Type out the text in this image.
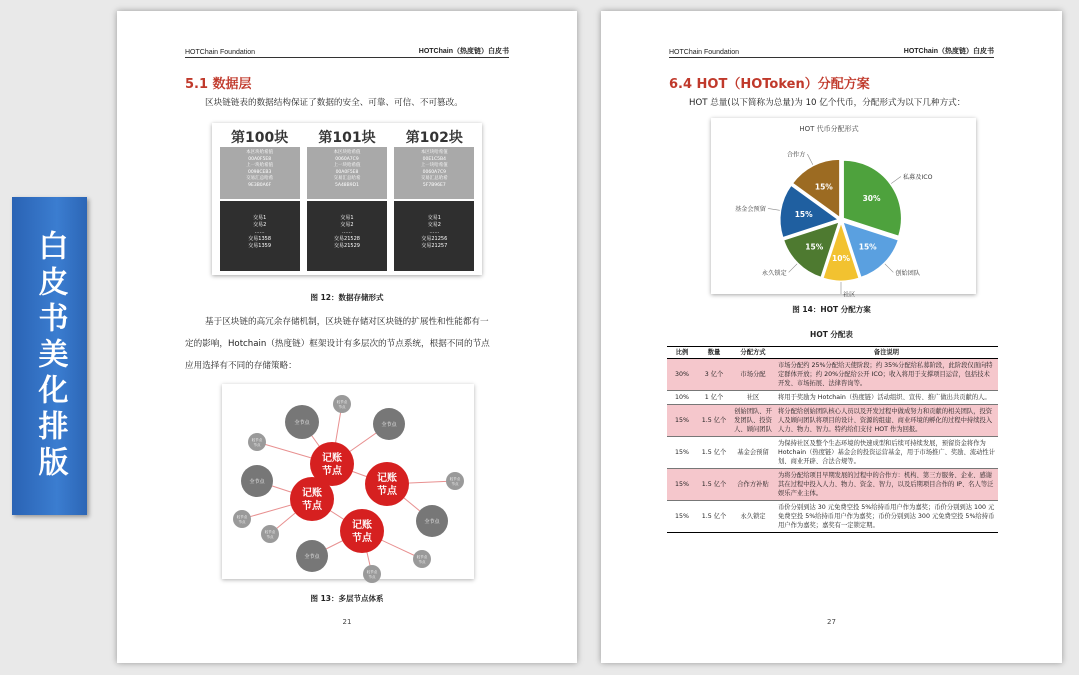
白皮书美化排版
HOTChain Foundation	HOTChain（热度链）白皮书
5.1 数据层
区块链链表的数据结构保证了数据的安全、可靠、可信、不可篡改。
第100块
本区块哈希值
00A0F5E8
上一块哈希值
0098CEB3
交易汇总哈希
9E3B0A6F
交易1
交易2
……
交易1358
交易1359
第101块
本区块哈希值
0060A7C9
上一块哈希值
00A0F5E8
交易汇总哈希
5A48B9D1
交易1
交易2
……
交易21528
交易21529
第102块
本区块哈希值
00E1C5B4
上一块哈希值
0060A7C9
交易汇总哈希
5F7B96E7
交易1
交易2
……
交易21256
交易21257
图 12：数据存储形式
基于区块链的高冗余存储机制，区块链存储对区块链的扩展性和性能都有一
定的影响，Hotchain（热度链）框架设计有多层次的节点系统，根据不同的节点
应用选择有不同的存储策略：
记账
节点
记账
节点
记账
节点
记账
节点
全节点	全节点
全节点
全节点
全节点
轻节点
节点
轻节点
节点
轻节点
节点
轻节点
节点
轻节点
节点
轻节点
节点
轻节点
节点
图 13：多层节点体系
21
HOTChain Foundation	HOTChain（热度链）白皮书
6.4 HOT（HOToken）分配方案
HOT 总量(以下简称为总量)为 10 亿个代币，分配形式为以下几种方式：
HOT 代币分配形式
30%
私募及ICO
15%
创始团队
10%
社区
15%
永久锁定
15%
基金会预留
15%
合作方
图 14：HOT 分配方案
HOT 分配表
比例	数量	分配方式	备注说明
30%	3 亿个	市场分配	市场分配约 25%分配给天使阶段；约 35%分配给私募阶段，此阶段仅面向特定群体开放；约 20%分配给公开 ICO；收入将用于支撑项目运营，包括技术开发、市场拓展、法律咨询等。
10%	1 亿个	社区	将用于奖励为 Hotchain（热度链）活动组织、宣传、推广做出共贡献的人。
15%	1.5 亿个	创始团队、开发团队、投资人、顾问团队	将分配给创始团队核心人员以及开发过程中做成努力和贡献的相关团队，投资人及顾问团队将项目的设计、资源的组建、商业环境的孵化的过程中持续投入人力、物力、智力。特约给们支付 HOT 作为回报。
15%	1.5 亿个	基金会预留	为保持社区及整个生态环境的快速成型和后续可持续发展，预留资金将作为 Hotchain（热度链）基金会的投资运营基金，用于市场推广、奖励、流动性计划、商业开辟、合法合规等。
15%	1.5 亿个	合作方补贴	为将分配给项目早期发展的过程中的合作方：机构、第三方服务、企业、感谢其在过程中投入人力、物力、资金、智力，以及后期项目合作的 IP、名人等泛娱乐产业主体。
15%	1.5 亿个	永久锁定	币价分别到达 30 元免费空投 5%给持币用户作为嘉奖；币价分别到达 100 元免费空投 5%给持币用户作为嘉奖；币价分别到达 300 元免费空投 5%给持币用户作为嘉奖；嘉奖有一定锁定期。
27
